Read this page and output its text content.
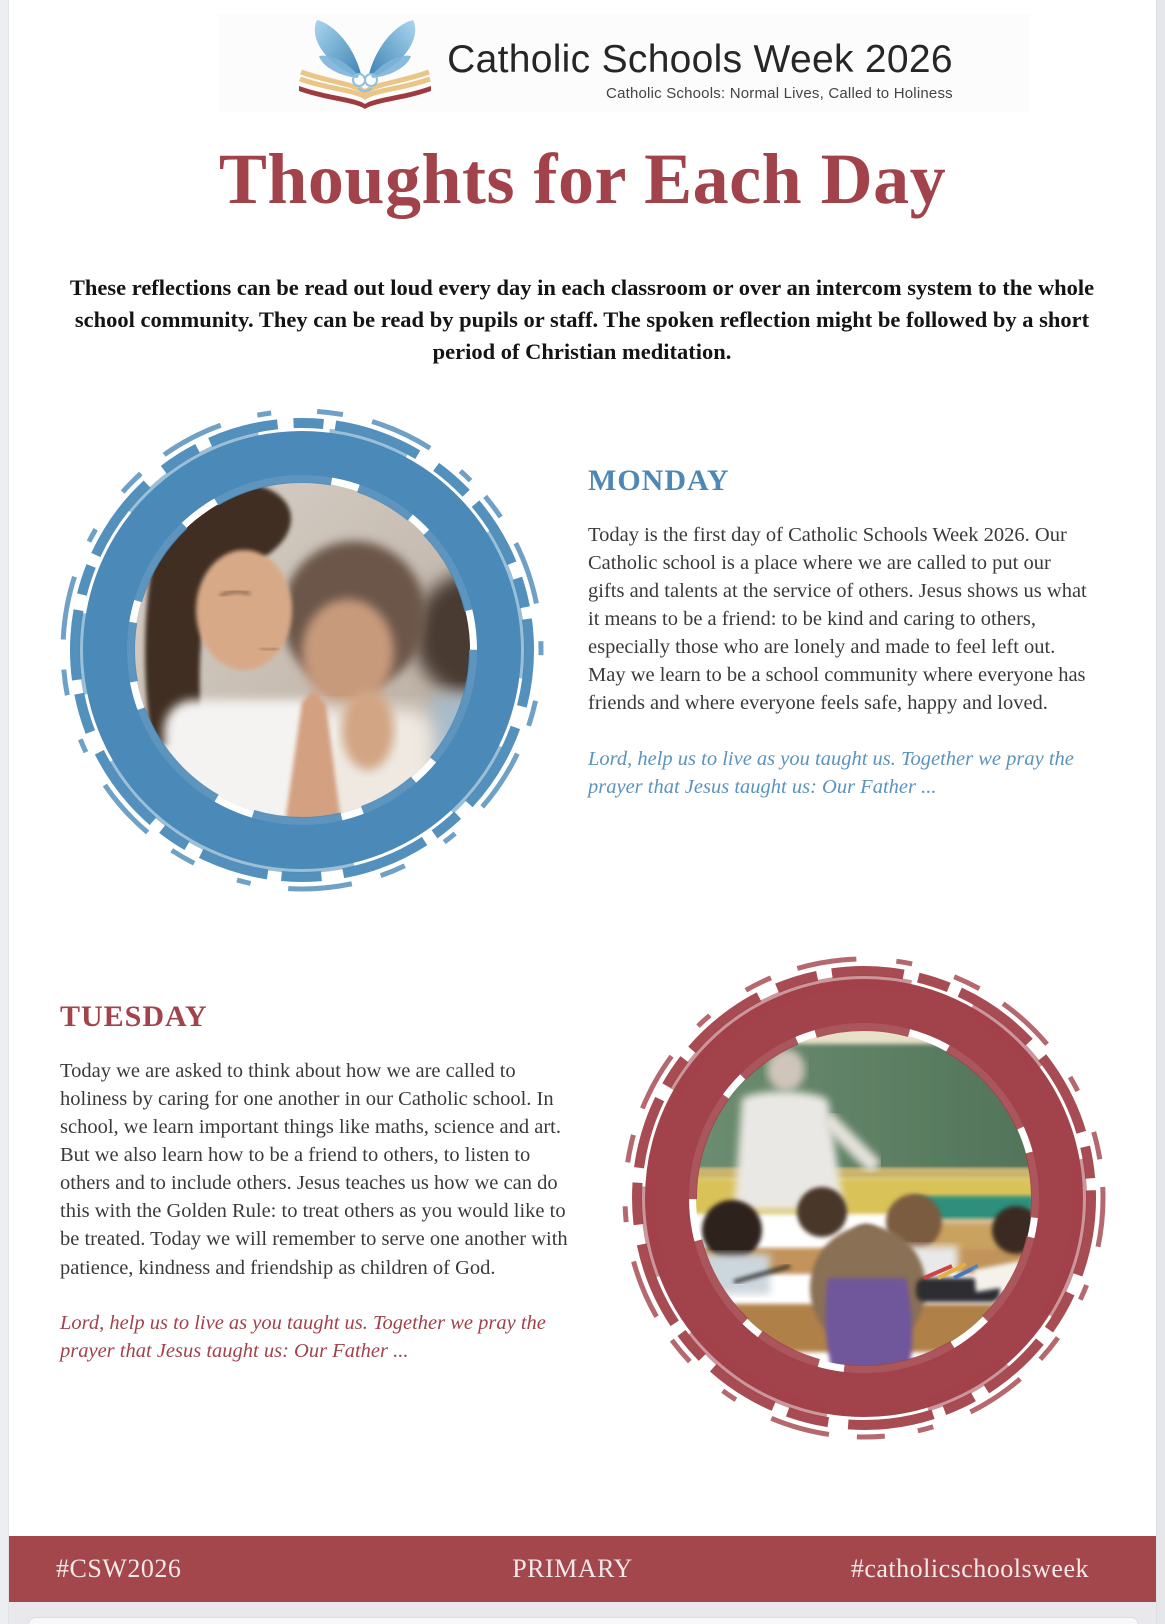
Catholic Schools Week 2026
Catholic Schools: Normal Lives, Called to Holiness
Thoughts for Each Day
These reflections can be read out loud every day in each classroom or over an intercom system to the whole school community. They can be read by pupils or staff. The spoken reflection might be followed by a short period of Christian meditation.
MONDAY
Today is the first day of Catholic Schools Week 2026. Our Catholic school is a place where we are called to put our gifts and talents at the service of others. Jesus shows us what it means to be a friend: to be kind and caring to others, especially those who are lonely and made to feel left out. May we learn to be a school community where everyone has friends and where everyone feels safe, happy and loved.
Lord, help us to live as you taught us. Together we pray the prayer that Jesus taught us: Our Father ...
TUESDAY
Today we are asked to think about how we are called to holiness by caring for one another in our Catholic school. In school, we learn important things like maths, science and art. But we also learn how to be a friend to others, to listen to others and to include others. Jesus teaches us how we can do this with the Golden Rule: to treat others as you would like to be treated. Today we will remember to serve one another with patience, kindness and friendship as children of God.
Lord, help us to live as you taught us. Together we pray the prayer that Jesus taught us: Our Father ...
#CSW2026	PRIMARY	#catholicschoolsweek
